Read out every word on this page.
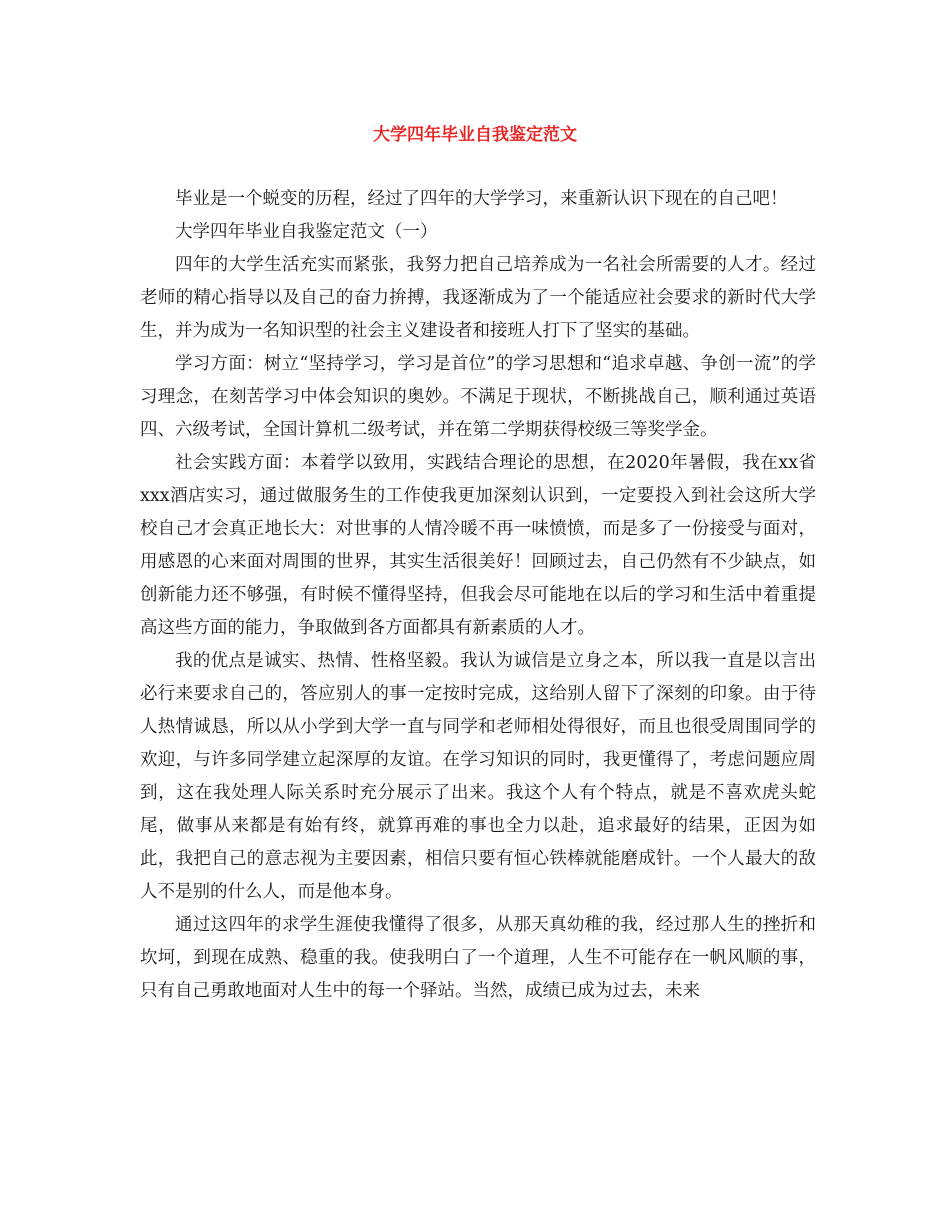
大学四年毕业自我鉴定范文

毕业是一个蜕变的历程，经过了四年的大学学习，来重新认识下现在的自己吧！

大学四年毕业自我鉴定范文（一）

四年的大学生活充实而紧张，我努力把自己培养成为一名社会所需要的人才。经过老师的精心指导以及自己的奋力拚搏，我逐渐成为了一个能适应社会要求的新时代大学生，并为成为一名知识型的社会主义建设者和接班人打下了坚实的基础。

学习方面：树立“坚持学习，学习是首位”的学习思想和“追求卓越、争创一流”的学习理念，在刻苦学习中体会知识的奥妙。不满足于现状，不断挑战自己，顺利通过英语四、六级考试，全国计算机二级考试，并在第二学期获得校级三等奖学金。

社会实践方面：本着学以致用，实践结合理论的思想，在2020年暑假，我在xx省xxx酒店实习，通过做服务生的工作使我更加深刻认识到，一定要投入到社会这所大学校自己才会真正地长大：对世事的人情冷暖不再一味愤愤，而是多了一份接受与面对，用感恩的心来面对周围的世界，其实生活很美好！回顾过去，自己仍然有不少缺点，如创新能力还不够强，有时候不懂得坚持，但我会尽可能地在以后的学习和生活中着重提高这些方面的能力，争取做到各方面都具有新素质的人才。

我的优点是诚实、热情、性格坚毅。我认为诚信是立身之本，所以我一直是以言出必行来要求自己的，答应别人的事一定按时完成，这给别人留下了深刻的印象。由于待人热情诚恳，所以从小学到大学一直与同学和老师相处得很好，而且也很受周围同学的欢迎，与许多同学建立起深厚的友谊。在学习知识的同时，我更懂得了，考虑问题应周到，这在我处理人际关系时充分展示了出来。我这个人有个特点，就是不喜欢虎头蛇尾，做事从来都是有始有终，就算再难的事也全力以赴，追求最好的结果，正因为如此，我把自己的意志视为主要因素，相信只要有恒心铁棒就能磨成针。一个人最大的敌人不是别的什么人，而是他本身。

通过这四年的求学生涯使我懂得了很多，从那天真幼稚的我，经过那人生的挫折和坎坷，到现在成熟、稳重的我。使我明白了一个道理，人生不可能存在一帆风顺的事，只有自己勇敢地面对人生中的每一个驿站。当然，成绩已成为过去，未来
